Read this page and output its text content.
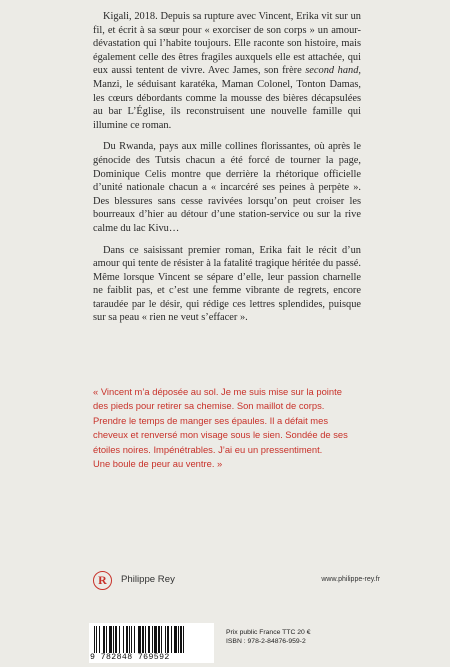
Kigali, 2018. Depuis sa rupture avec Vincent, Erika vit sur un fil, et écrit à sa sœur pour « exorciser de son corps » un amour-dévastation qui l’habite toujours. Elle raconte son histoire, mais également celle des êtres fragiles auxquels elle est attachée, qui eux aussi tentent de vivre. Avec James, son frère second hand, Manzi, le séduisant karatéka, Maman Colonel, Tonton Damas, les cœurs débordants comme la mousse des bières décapsulées au bar L’Église, ils reconstruisent une nouvelle famille qui illumine ce roman.

Du Rwanda, pays aux mille collines florissantes, où après le génocide des Tutsis chacun a été forcé de tourner la page, Dominique Celis montre que derrière la rhétorique officielle d’unité nationale chacun a « incarcéré ses peines à perpète ». Des blessures sans cesse ravivées lorsqu’on peut croiser les bourreaux d’hier au détour d’une station-service ou sur la rive calme du lac Kivu…

Dans ce saisissant premier roman, Erika fait le récit d’un amour qui tente de résister à la fatalité tragique héritée du passé. Même lorsque Vincent se sépare d’elle, leur passion charnelle ne faiblit pas, et c’est une femme vibrante de regrets, encore taraudée par le désir, qui rédige ces lettres splendides, puisque sur sa peau « rien ne veut s’effacer ».

« Vincent m’a déposée au sol. Je me suis mise sur la pointe
des pieds pour retirer sa chemise. Son maillot de corps.
Prendre le temps de manger ses épaules. Il a défait mes
cheveux et renversé mon visage sous le sien. Sondée de ses
étoiles noires. Impénétrables. J’ai eu un pressentiment.
Une boule de peur au ventre. »
R	Philippe Rey	www.philippe-rey.fr
9 782848 769592
Prix public France TTC 20 €
ISBN : 978-2-84876-959-2
